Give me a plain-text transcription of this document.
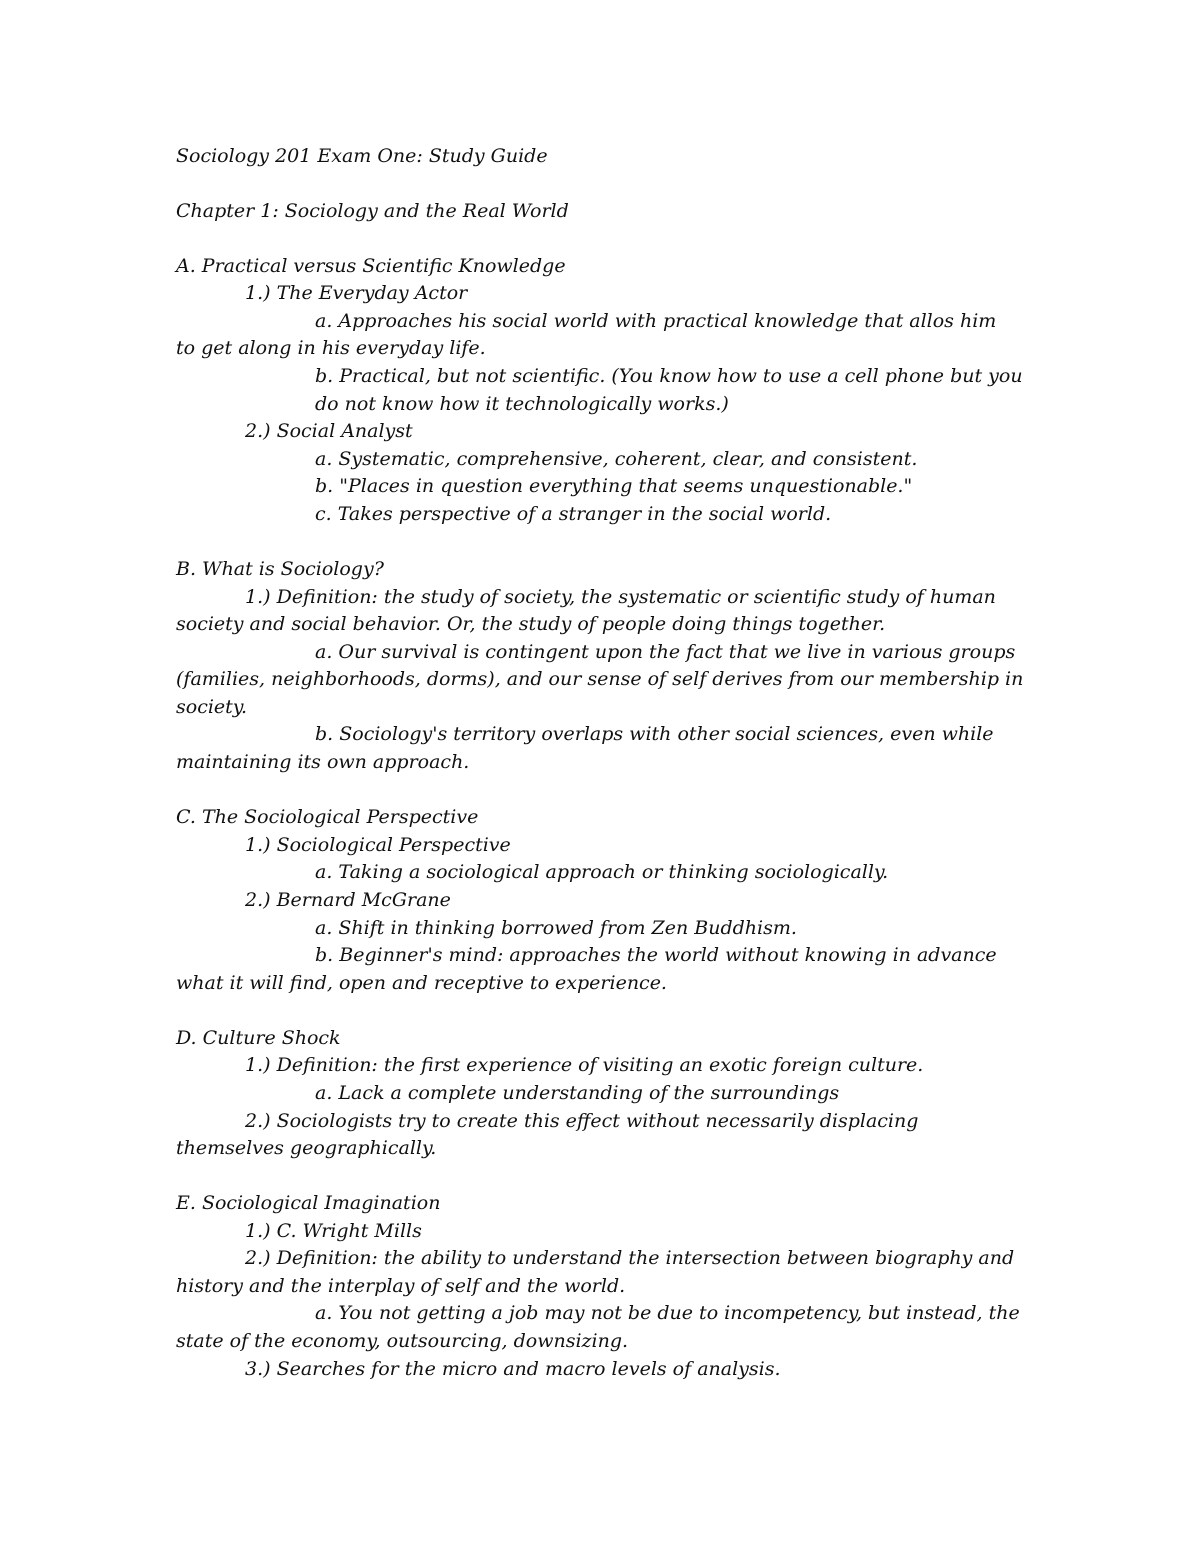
Sociology 201 Exam One: Study Guide
Chapter 1: Sociology and the Real World
A. Practical versus Scientific Knowledge
1.) The Everyday Actor
a. Approaches his social world with practical knowledge that allos him
to get along in his everyday life.
b. Practical, but not scientific. (You know how to use a cell phone but you
do not know how it technologically works.)
2.) Social Analyst
a. Systematic, comprehensive, coherent, clear, and consistent.
b. "Places in question everything that seems unquestionable."
c. Takes perspective of a stranger in the social world.
B. What is Sociology?
1.) Definition: the study of society, the systematic or scientific study of human
society and social behavior. Or, the study of people doing things together.
a. Our survival is contingent upon the fact that we live in various groups
(families, neighborhoods, dorms), and our sense of self derives from our membership in
society.
b. Sociology's territory overlaps with other social sciences, even while
maintaining its own approach.
C. The Sociological Perspective
1.) Sociological Perspective
a. Taking a sociological approach or thinking sociologically.
2.) Bernard McGrane
a. Shift in thinking borrowed from Zen Buddhism.
b. Beginner's mind: approaches the world without knowing in advance
what it will find, open and receptive to experience.
D. Culture Shock
1.) Definition: the first experience of visiting an exotic foreign culture.
a. Lack a complete understanding of the surroundings
2.) Sociologists try to create this effect without necessarily displacing
themselves geographically.
E. Sociological Imagination
1.) C. Wright Mills
2.) Definition: the ability to understand the intersection between biography and
history and the interplay of self and the world.
a. You not getting a job may not be due to incompetency, but instead, the
state of the economy, outsourcing, downsizing.
3.) Searches for the micro and macro levels of analysis.
